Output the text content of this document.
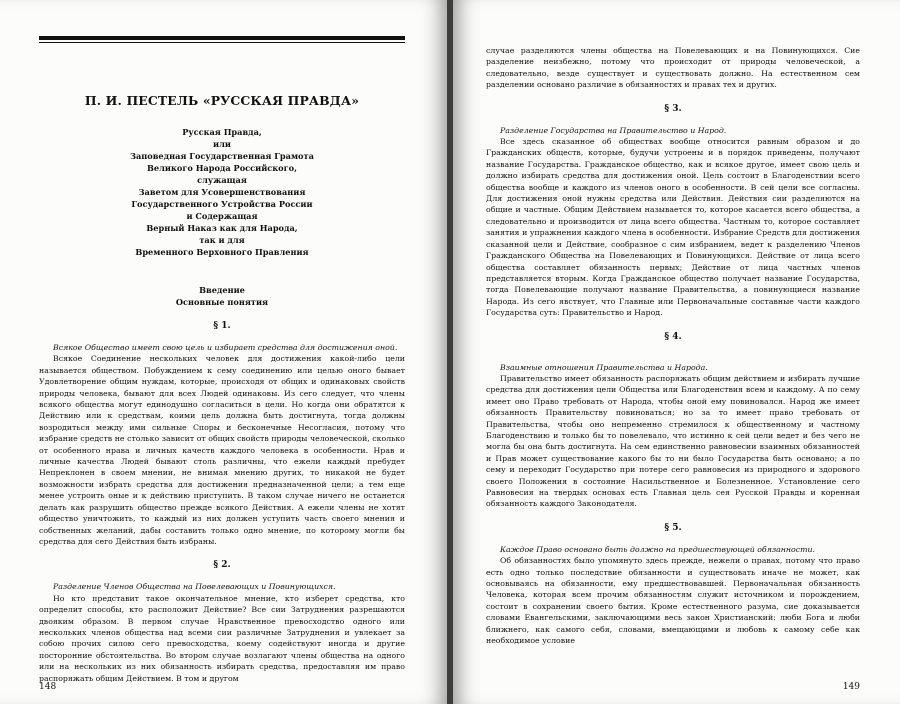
П. И. ПЕСТЕЛЬ «РУССКАЯ ПРАВДА»
Русская Правда,
или
Заповедная Государственная Грамота
Великого Народа Российского,
служащая
Заветом для Усовершенствования
Государственного Устройства России
и Содержащая
Верный Наказ как для Народа,
так и для
Временного Верховного Правления
Введение
Основные понятия
§ 1.
Всякое Общество имеет свою цель и избирает средства для достижения оной.

Всякое Соединение нескольких человек для достижения какой-либо цели называется обществом. Побуждением к сему соединению или целью оного бывает Удовлетворение общим нуждам, которые, происходя от общих и одинаковых свойств природы человека, бывают для всех Людей одинаковы. Из сего следует, что члены всякого общества могут единодушно согласиться в цели. Но когда они обратятся к Действию или к средствам, коими цель должна быть достигнута, тогда должны возродиться между ими сильные Споры и бесконечные Несогласия, потому что избрание средств не столько зависит от общих свойств природы человеческой, сколько от особенного нрава и личных качеств каждого человека в особенности. Нрав и личные качества Людей бывают столь различны, что ежели каждый пребудет Непреклонен в своем мнении, не внимая мнению других, то никакой не будет возможности избрать средства для достижения предназначенной цели; а тем еще менее устроить оные и к действию приступить. В таком случае ничего не останется делать как разрушить общество прежде всякого Действия. А ежели члены не хотят общество уничтожить, то каждый из них должен уступить часть своего мнения и собственных желаний, дабы составить только одно мнение, по которому могли бы средства для сего Действия быть избраны.

§ 2.
Разделение Членов Общества на Повелевающих и Повинующихся.

Но кто представит такое окончательное мнение, кто изберет средства, кто определит способы, кто расположит Действие? Все сии Затруднения разрешаются двояким образом. В первом случае Нравственное превосходство одного или нескольких членов общества над всеми сии различные Затруднения и увлекает за собою прочих силою сего превосходства, коему содействуют иногда и другие посторонние обстоятельства. Во втором случае возлагают члены общества на одного или на нескольких из них обязанность избирать средства, предоставляя им право распоряжать общим Действием. В том и другом

148

случае разделяются члены общества на Повелевающих и на Повинующихся. Сие разделение неизбежно, потому что происходит от природы человеческой, а следовательно, везде существует и существовать должно. На естественном сем разделении основано различие в обязанностях и правах тех и других.

§ 3.
Разделение Государства на Правительство и Народ.

Все здесь сказанное об обществах вообще относится равным образом и до Гражданских обществ, которые, будучи устроены и в порядок приведены, получают название Государства. Гражданское общество, как и всякое другое, имеет свою цель и должно избирать средства для достижения оной. Цель состоит в Благоденствии всего общества вообще и каждого из членов оного в особенности. В сей цели все согласны. Для достижения оной нужны средства или Действия. Действия сии разделяются на общие и частные. Общим Действием называется то, которое касается всего общества, а следовательно и производится от лица всего общества. Частным то, которое составляет занятия и упражнения каждого члена в особенности. Избрание Средств для достижения сказанной цели и Действие, сообразное с сим избранием, ведет к разделению Членов Гражданского Общества на Повелевающих и Повинующихся. Действие от лица всего общества составляет обязанность первых; Действие от лица частных членов представляется вторым. Когда Гражданское общество получает название Государства, тогда Повелевающие получают название Правительства, а повинующиеся название Народа. Из сего явствует, что Главные или Первоначальные составные части каждого Государства суть: Правительство и Народ.

§ 4.
Взаимные отношения Правительства и Народа.

Правительство имеет обязанность распоряжать общим действием и избирать лучшие средства для достижения цели Общества или Благоденствия всем и каждому. А по сему имеет оно Право требовать от Народа, чтобы оной ему повиновался. Народ же имеет обязанность Правительству повиноваться; но за то имеет право требовать от Правительства, чтобы оно непременно стремилося к общественному и частному Благоденствию и только бы то повелевало, что истинно к сей цели ведет и без чего не могла бы она быть достигнута. На сем единственно равновесии взаимных обязанностей и Прав может существование какого бы то ни было Государства быть основано; а по сему и переходит Государство при потере сего равновесия из природного и здорового своего Положения в состояние Насильственное и Болезненное. Установление сего Равновесия на твердых основах есть Главная цель сея Русской Правды и коренная обязанность каждого Законодателя.

§ 5.
Каждое Право основано быть должно на предшествующей обязанности.

Об обязанностях было упомянуто здесь прежде, нежели о правах, потому что право есть одно только последствие обязанности и существовать иначе не может, как основываясь на обязанности, ему предшествовавшей. Первоначальная обязанность Человека, которая всем прочим обязанностям служит источником и порождением, состоит в сохранении своего бытия. Кроме естественного разума, сие доказывается словами Евангельскими, заключающими весь закон Христианский: люби Бога и люби ближнего, как самого себя, словами, вмещающими и любовь к самому себе как необходимое условие

149
